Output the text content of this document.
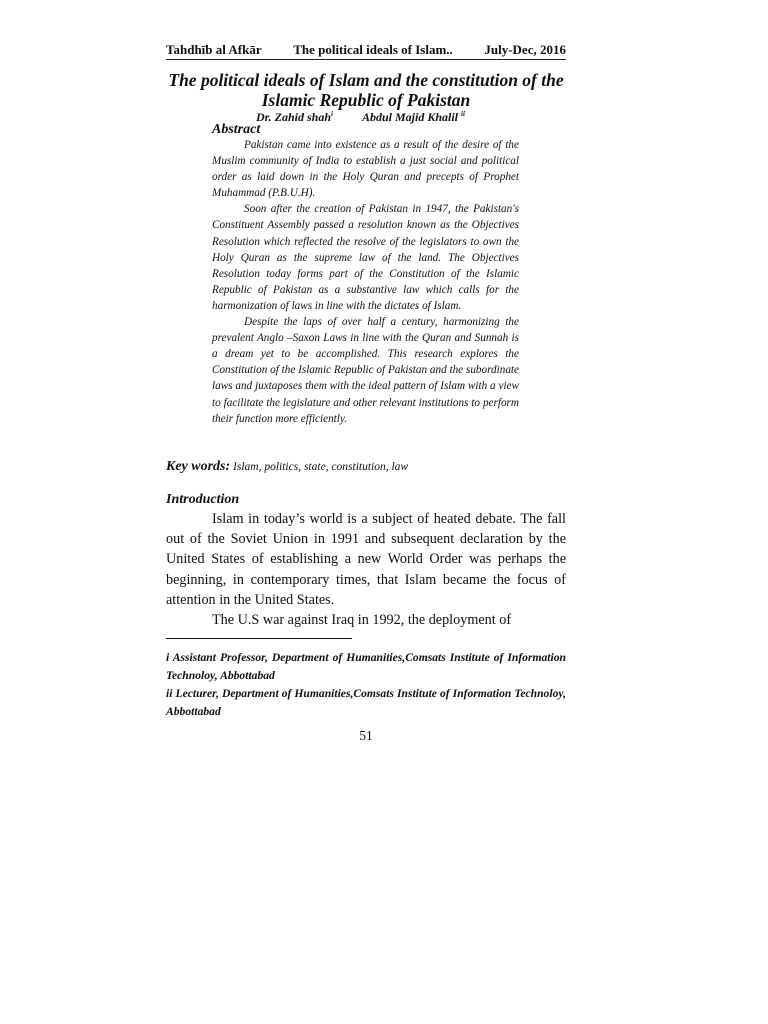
Tahdhīb al Afkār The political ideals of Islam.. July-Dec, 2016
The political ideals of Islam and the constitution of the Islamic Republic of Pakistan
Dr. Zahid shah$^i$ Abdul Majid Khalil $^{ii}$
Abstract

Pakistan came into existence as a result of the desire of the Muslim community of India to establish a just social and political order as laid down in the Holy Quran and precepts of Prophet Muhammad (P.B.U.H).

Soon after the creation of Pakistan in 1947, the Pakistan's Constituent Assembly passed a resolution known as the Objectives Resolution which reflected the resolve of the legislators to own the Holy Quran as the supreme law of the land. The Objectives Resolution today forms part of the Constitution of the Islamic Republic of Pakistan as a substantive law which calls for the harmonization of laws in line with the dictates of Islam.

Despite the laps of over half a century, harmonizing the prevalent Anglo –Saxon Laws in line with the Quran and Sunnah is a dream yet to be accomplished. This research explores the Constitution of the Islamic Republic of Pakistan and the subordinate laws and juxtaposes them with the ideal pattern of Islam with a view to facilitate the legislature and other relevant institutions to perform their function more efficiently.

Key words: Islam, politics, state, constitution, law
Introduction

Islam in today’s world is a subject of heated debate. The fall out of the Soviet Union in 1991 and subsequent declaration by the United States of establishing a new World Order was perhaps the beginning, in contemporary times, that Islam became the focus of attention in the United States.

The U.S war against Iraq in 1992, the deployment of

i Assistant Professor, Department of Humanities,Comsats Institute of Information Technoloy, Abbottabad

ii Lecturer, Department of Humanities,Comsats Institute of Information Technoloy, Abbottabad

51
